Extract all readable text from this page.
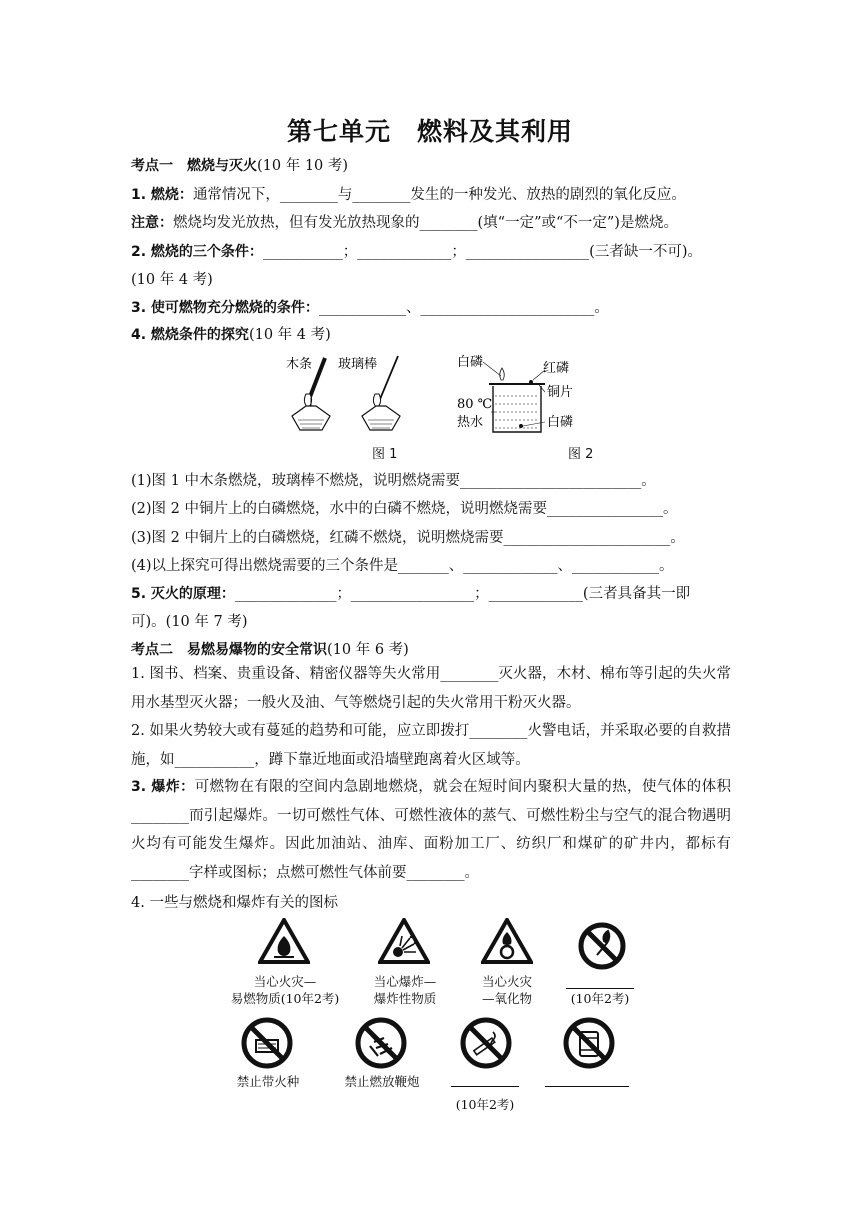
第七单元　燃料及其利用
考点一　燃烧与灭火(10 年 10 考)
1. 燃烧：通常情况下，________与________发生的一种发光、放热的剧烈的氧化反应。
注意：燃烧均发光放热，但有发光放热现象的________(填“一定”或“不一定”)是燃烧。
2. 燃烧的三个条件：___________；_____________；_________________(三者缺一不可)。
(10 年 4 考)
3. 使可燃物充分燃烧的条件：____________、________________________。
4. 燃烧条件的探究(10 年 4 考)
木条 玻璃棒
图 1
白磷	红磷
铜片
80 ℃
热水	白磷
图 2
(1)图 1 中木条燃烧，玻璃棒不燃烧，说明燃烧需要_________________________。
(2)图 2 中铜片上的白磷燃烧，水中的白磷不燃烧，说明燃烧需要________________。
(3)图 2 中铜片上的白磷燃烧，红磷不燃烧，说明燃烧需要_______________________。
(4)以上探究可得出燃烧需要的三个条件是_______、_____________、____________。
5. 灭火的原理：______________；_________________；_____________(三者具备其一即
可)。(10 年 7 考)
考点二　易燃易爆物的安全常识(10 年 6 考)
1. 图书、档案、贵重设备、精密仪器等失火常用________灭火器，木材、棉布等引起的失火常用水基型灭火器；一般火及油、气等燃烧引起的失火常用干粉灭火器。
2. 如果火势较大或有蔓延的趋势和可能，应立即拨打________火警电话，并采取必要的自救措施，如___________，蹲下靠近地面或沿墙壁跑离着火区域等。
3. 爆炸：可燃物在有限的空间内急剧地燃烧，就会在短时间内聚积大量的热，使气体的体积________而引起爆炸。一切可燃性气体、可燃性液体的蒸气、可燃性粉尘与空气的混合物遇明火均有可能发生爆炸。因此加油站、油库、面粉加工厂、纺织厂和煤矿的矿井内，都标有________字样或图标；点燃可燃性气体前要________。
4. 一些与燃烧和爆炸有关的图标
当心火灾—
易燃物质(10年2考)
当心爆炸—
爆炸性物质
当心火灾
—氧化物	(10年2考)
禁止带火种	禁止燃放鞭炮
(10年2考)
